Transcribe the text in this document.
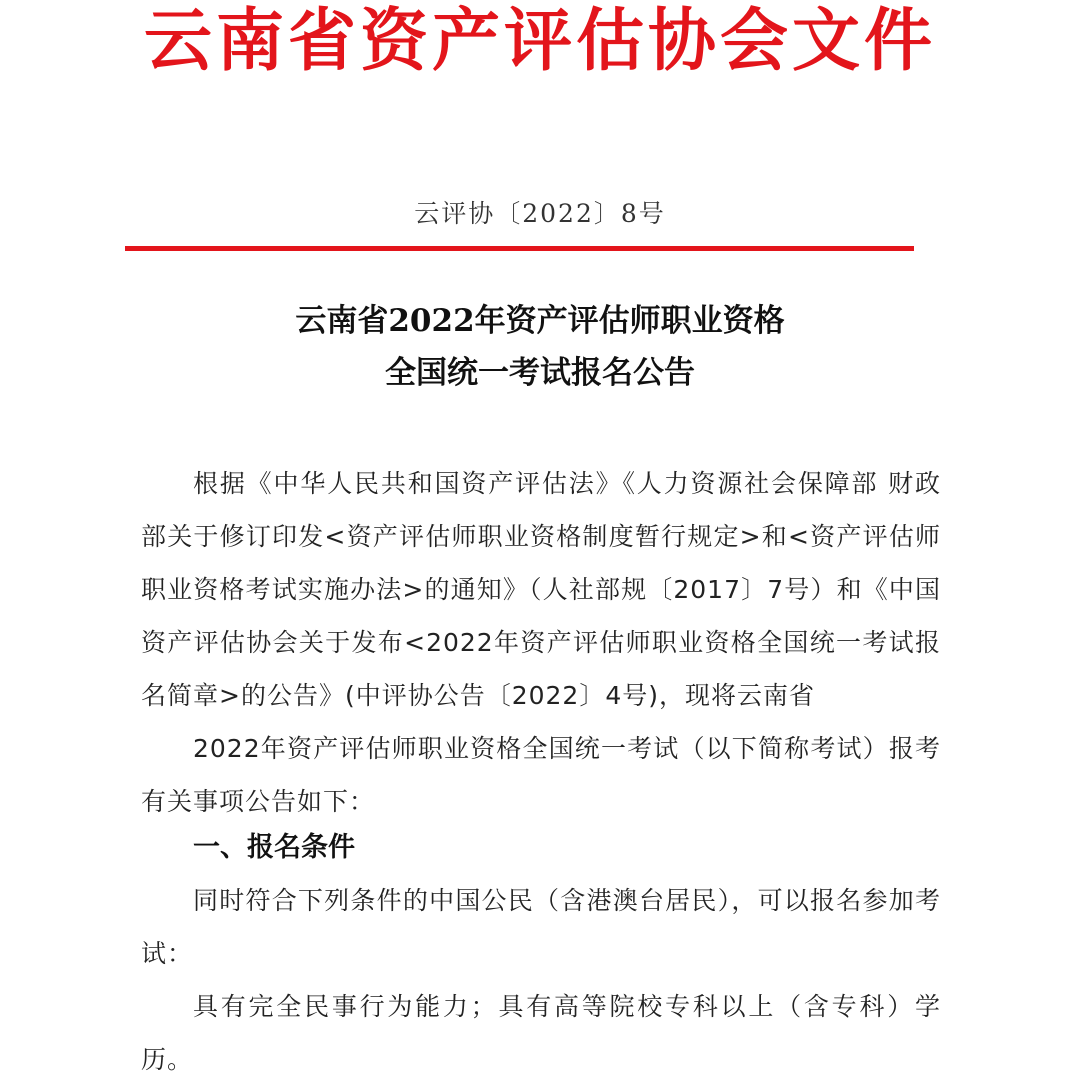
云南省资产评估协会文件
云评协〔2022〕8号
云南省2022年资产评估师职业资格
全国统一考试报名公告

根据《中华人民共和国资产评估法》《人力资源社会保障部 财政部关于修订印发<资产评估师职业资格制度暂行规定>和<资产评估师职业资格考试实施办法>的通知》（人社部规〔2017〕7号）和《中国资产评估协会关于发布<2022年资产评估师职业资格全国统一考试报名简章>的公告》(中评协公告〔2022〕4号)，现将云南省

2022年资产评估师职业资格全国统一考试（以下简称考试）报考有关事项公告如下：

一、报名条件

同时符合下列条件的中国公民（含港澳台居民），可以报名参加考试：

具有完全民事行为能力；具有高等院校专科以上（含专科）学历。
